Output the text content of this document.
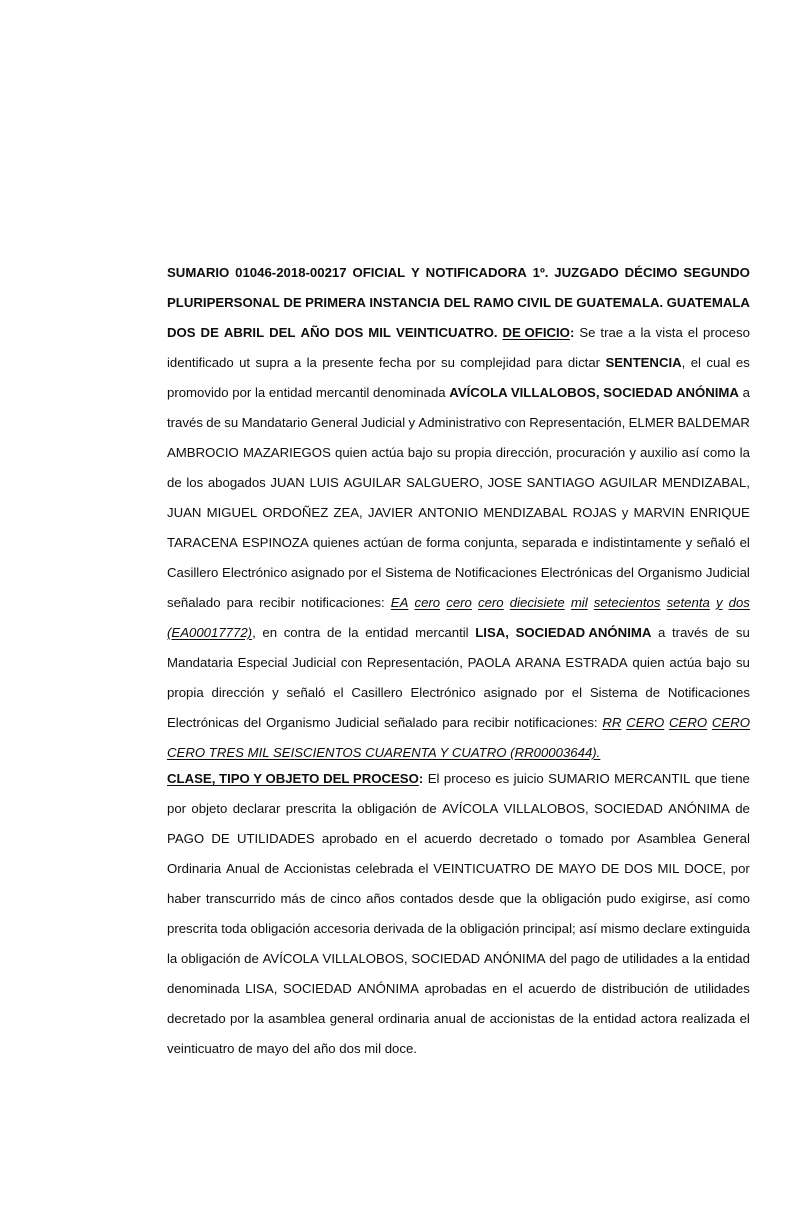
SUMARIO 01046-2018-00217 OFICIAL Y NOTIFICADORA 1º. JUZGADO DÉCIMO SEGUNDO
PLURIPERSONAL DE PRIMERA INSTANCIA DEL RAMO CIVIL DE GUATEMALA. GUATEMALA
DOS DE ABRIL DEL AÑO DOS MIL VEINTICUATRO. DE OFICIO: Se trae a la vista el proceso
identificado ut supra a la presente fecha por su complejidad para dictar SENTENCIA, el cual es
promovido por la entidad mercantil denominada AVÍCOLA VILLALOBOS, SOCIEDAD ANÓNIMA a
través de su Mandatario General Judicial y Administrativo con Representación, ELMER BALDEMAR
AMBROCIO MAZARIEGOS quien actúa bajo su propia dirección, procuración y auxilio así como la
de los abogados JUAN LUIS AGUILAR SALGUERO, JOSE SANTIAGO AGUILAR MENDIZABAL,
JUAN MIGUEL ORDOÑEZ ZEA, JAVIER ANTONIO MENDIZABAL ROJAS y MARVIN ENRIQUE
TARACENA ESPINOZA quienes actúan de forma conjunta, separada e indistintamente y señaló el
Casillero Electrónico asignado por el Sistema de Notificaciones Electrónicas del Organismo Judicial
señalado para recibir notificaciones: EA cero cero cero diecisiete mil setecientos setenta y dos
(EA00017772), en contra de la entidad mercantil LISA, SOCIEDAD ANÓNIMA a través de su
Mandataria Especial Judicial con Representación, PAOLA ARANA ESTRADA quien actúa bajo su
propia dirección y señaló el Casillero Electrónico asignado por el Sistema de Notificaciones
Electrónicas del Organismo Judicial señalado para recibir notificaciones: RR CERO CERO CERO
CERO TRES MIL SEISCIENTOS CUARENTA Y CUATRO (RR00003644).
CLASE, TIPO Y OBJETO DEL PROCESO: El proceso es juicio SUMARIO MERCANTIL que tiene
por objeto declarar prescrita la obligación de AVÍCOLA VILLALOBOS, SOCIEDAD ANÓNIMA de
PAGO DE UTILIDADES aprobado en el acuerdo decretado o tomado por Asamblea General
Ordinaria Anual de Accionistas celebrada el VEINTICUATRO DE MAYO DE DOS MIL DOCE, por
haber transcurrido más de cinco años contados desde que la obligación pudo exigirse, así como
prescrita toda obligación accesoria derivada de la obligación principal; así mismo declare extinguida
la obligación de AVÍCOLA VILLALOBOS, SOCIEDAD ANÓNIMA del pago de utilidades a la entidad
denominada LISA, SOCIEDAD ANÓNIMA aprobadas en el acuerdo de distribución de utilidades
decretado por la asamblea general ordinaria anual de accionistas de la entidad actora realizada el
veinticuatro de mayo del año dos mil doce.
